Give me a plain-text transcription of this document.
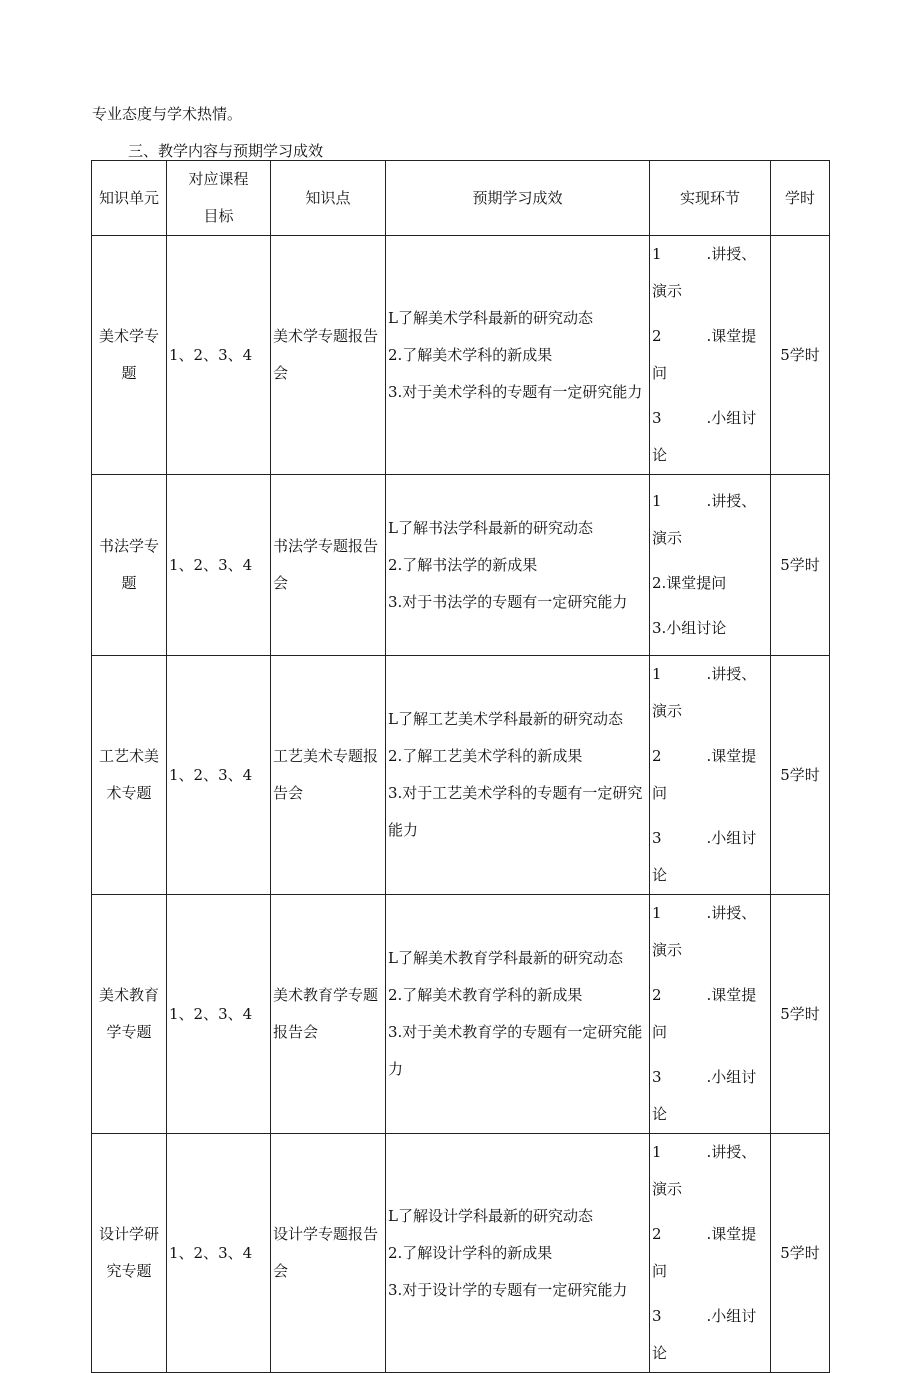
专业态度与学术热情。

三、教学内容与预期学习成效
知识单元	对应课程
目标	知识点	预期学习成效	实现环节	学时
美术学专题	1、2、3、4	美术学专题报告会	L了解美术学科最新的研究动态
2.了解美术学科的新成果
3.对于美术学科的专题有一定研究能力	1　　　.讲授、演示
2　　　.课堂提问
3　　　.小组讨论	5学时
书法学专题	1、2、3、4	书法学专题报告会	L了解书法学科最新的研究动态
2.了解书法学的新成果
3.对于书法学的专题有一定研究能力	1　　　.讲授、演示
2.课堂提问
3.小组讨论	5学时
工艺术美术专题	1、2、3、4	工艺美术专题报告会	L了解工艺美术学科最新的研究动态
2.了解工艺美术学科的新成果
3.对于工艺美术学科的专题有一定研究能力	1　　　.讲授、演示
2　　　.课堂提问
3　　　.小组讨论	5学时
美术教育学专题	1、2、3、4	美术教育学专题报告会	L了解美术教育学科最新的研究动态
2.了解美术教育学科的新成果
3.对于美术教育学的专题有一定研究能力	1　　　.讲授、演示
2　　　.课堂提问
3　　　.小组讨论	5学时
设计学研究专题	1、2、3、4	设计学专题报告会	L了解设计学科最新的研究动态
2.了解设计学科的新成果
3.对于设计学的专题有一定研究能力	1　　　.讲授、演示
2　　　.课堂提问
3　　　.小组讨论	5学时
